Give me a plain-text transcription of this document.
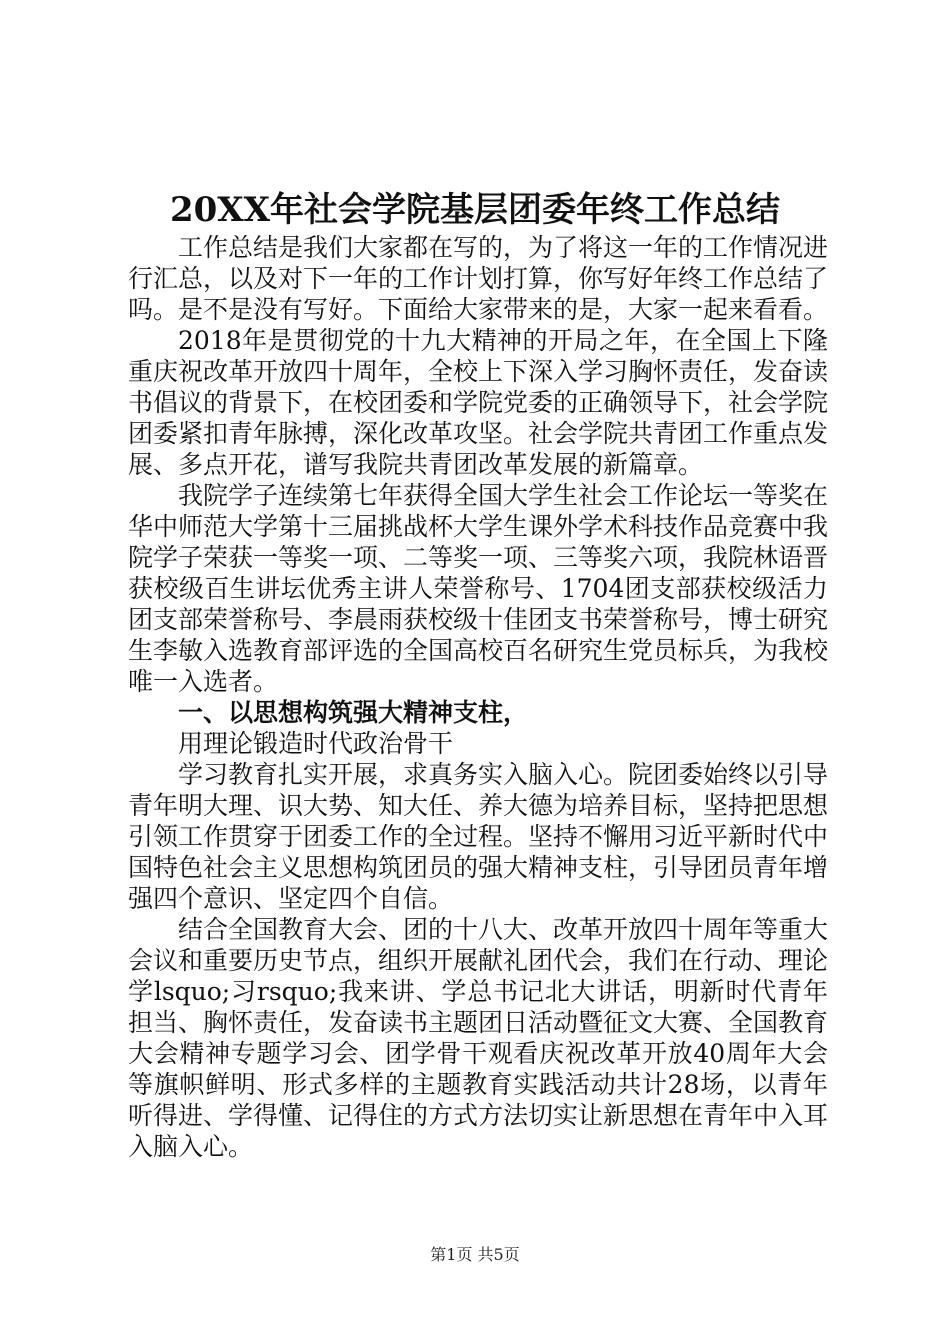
20XX年社会学院基层团委年终工作总结

工作总结是我们大家都在写的，为了将这一年的工作情况进行汇总，以及对下一年的工作计划打算，你写好年终工作总结了吗。是不是没有写好。下面给大家带来的是，大家一起来看看。

2018年是贯彻党的十九大精神的开局之年，在全国上下隆重庆祝改革开放四十周年，全校上下深入学习胸怀责任，发奋读书倡议的背景下，在校团委和学院党委的正确领导下，社会学院团委紧扣青年脉搏，深化改革攻坚。社会学院共青团工作重点发展、多点开花，谱写我院共青团改革发展的新篇章。

我院学子连续第七年获得全国大学生社会工作论坛一等奖在华中师范大学第十三届挑战杯大学生课外学术科技作品竞赛中我院学子荣获一等奖一项、二等奖一项、三等奖六项，我院林语晋获校级百生讲坛优秀主讲人荣誉称号、1704团支部获校级活力团支部荣誉称号、李晨雨获校级十佳团支书荣誉称号，博士研究生李敏入选教育部评选的全国高校百名研究生党员标兵，为我校唯一入选者。

一、以思想构筑强大精神支柱，

用理论锻造时代政治骨干

学习教育扎实开展，求真务实入脑入心。院团委始终以引导青年明大理、识大势、知大任、养大德为培养目标，坚持把思想引领工作贯穿于团委工作的全过程。坚持不懈用习近平新时代中国特色社会主义思想构筑团员的强大精神支柱，引导团员青年增强四个意识、坚定四个自信。

结合全国教育大会、团的十八大、改革开放四十周年等重大会议和重要历史节点，组织开展献礼团代会，我们在行动、理论学lsquo;习rsquo;我来讲、学总书记北大讲话，明新时代青年担当、胸怀责任，发奋读书主题团日活动暨征文大赛、全国教育大会精神专题学习会、团学骨干观看庆祝改革开放40周年大会等旗帜鲜明、形式多样的主题教育实践活动共计28场，以青年听得进、学得懂、记得住的方式方法切实让新思想在青年中入耳入脑入心。

第1页 共5页
